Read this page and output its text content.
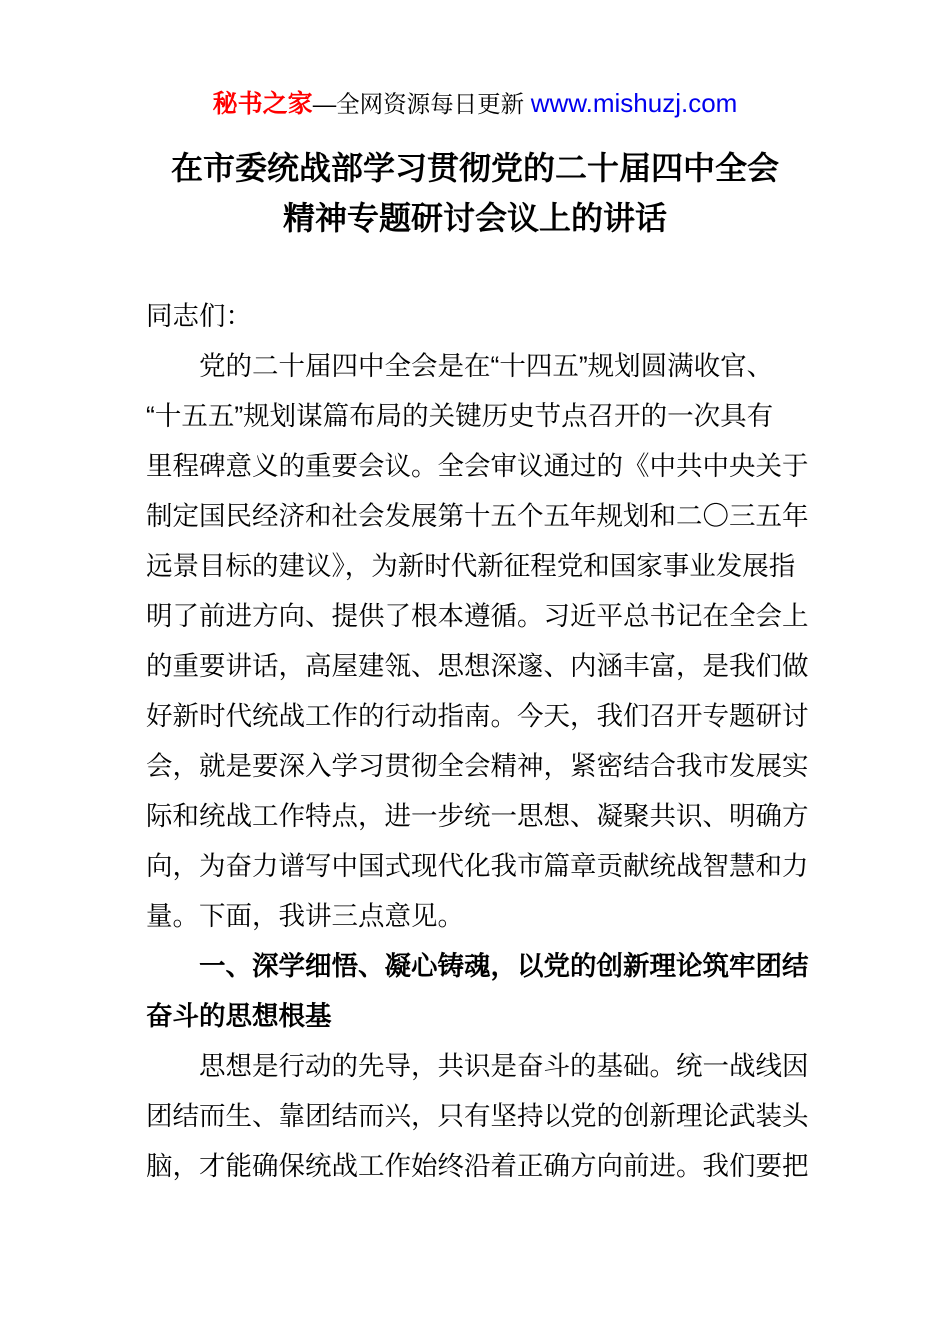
秘书之家—全网资源每日更新 www.mishuzj.com
在市委统战部学习贯彻党的二十届四中全会
精神专题研讨会议上的讲话
同志们：
党的二十届四中全会是在“十四五”规划圆满收官、
“十五五”规划谋篇布局的关键历史节点召开的一次具有
里程碑意义的重要会议。全会审议通过的《中共中央关于
制定国民经济和社会发展第十五个五年规划和二〇三五年
远景目标的建议》，为新时代新征程党和国家事业发展指
明了前进方向、提供了根本遵循。习近平总书记在全会上
的重要讲话，高屋建瓴、思想深邃、内涵丰富，是我们做
好新时代统战工作的行动指南。今天，我们召开专题研讨
会，就是要深入学习贯彻全会精神，紧密结合我市发展实
际和统战工作特点，进一步统一思想、凝聚共识、明确方
向，为奋力谱写中国式现代化我市篇章贡献统战智慧和力
量。下面，我讲三点意见。
一、深学细悟、凝心铸魂，以党的创新理论筑牢团结
奋斗的思想根基
思想是行动的先导，共识是奋斗的基础。统一战线因
团结而生、靠团结而兴，只有坚持以党的创新理论武装头
脑，才能确保统战工作始终沿着正确方向前进。我们要把
